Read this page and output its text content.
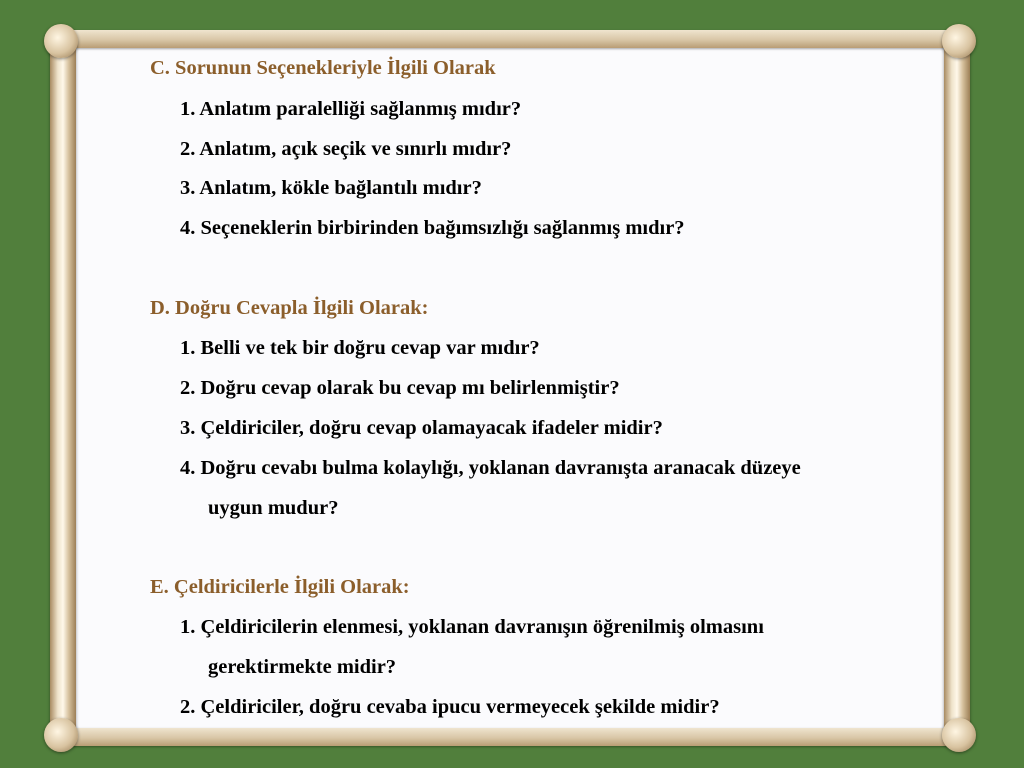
C. Sorunun Seçenekleriyle İlgili Olarak
1. Anlatım paralelliği sağlanmış mıdır?
2. Anlatım, açık seçik ve sınırlı mıdır?
3. Anlatım, kökle bağlantılı mıdır?
4. Seçeneklerin birbirinden bağımsızlığı sağlanmış mıdır?
D. Doğru Cevapla İlgili Olarak:
1. Belli ve tek bir doğru cevap var mıdır?
2. Doğru cevap olarak bu cevap mı belirlenmiştir?
3. Çeldiriciler, doğru cevap olamayacak ifadeler midir?
4. Doğru cevabı bulma kolaylığı, yoklanan davranışta aranacak düzeye
uygun mudur?
E. Çeldiricilerle İlgili Olarak:
1. Çeldiricilerin elenmesi, yoklanan davranışın öğrenilmiş olmasını
gerektirmekte midir?
2. Çeldiriciler, doğru cevaba ipucu vermeyecek şekilde midir?
